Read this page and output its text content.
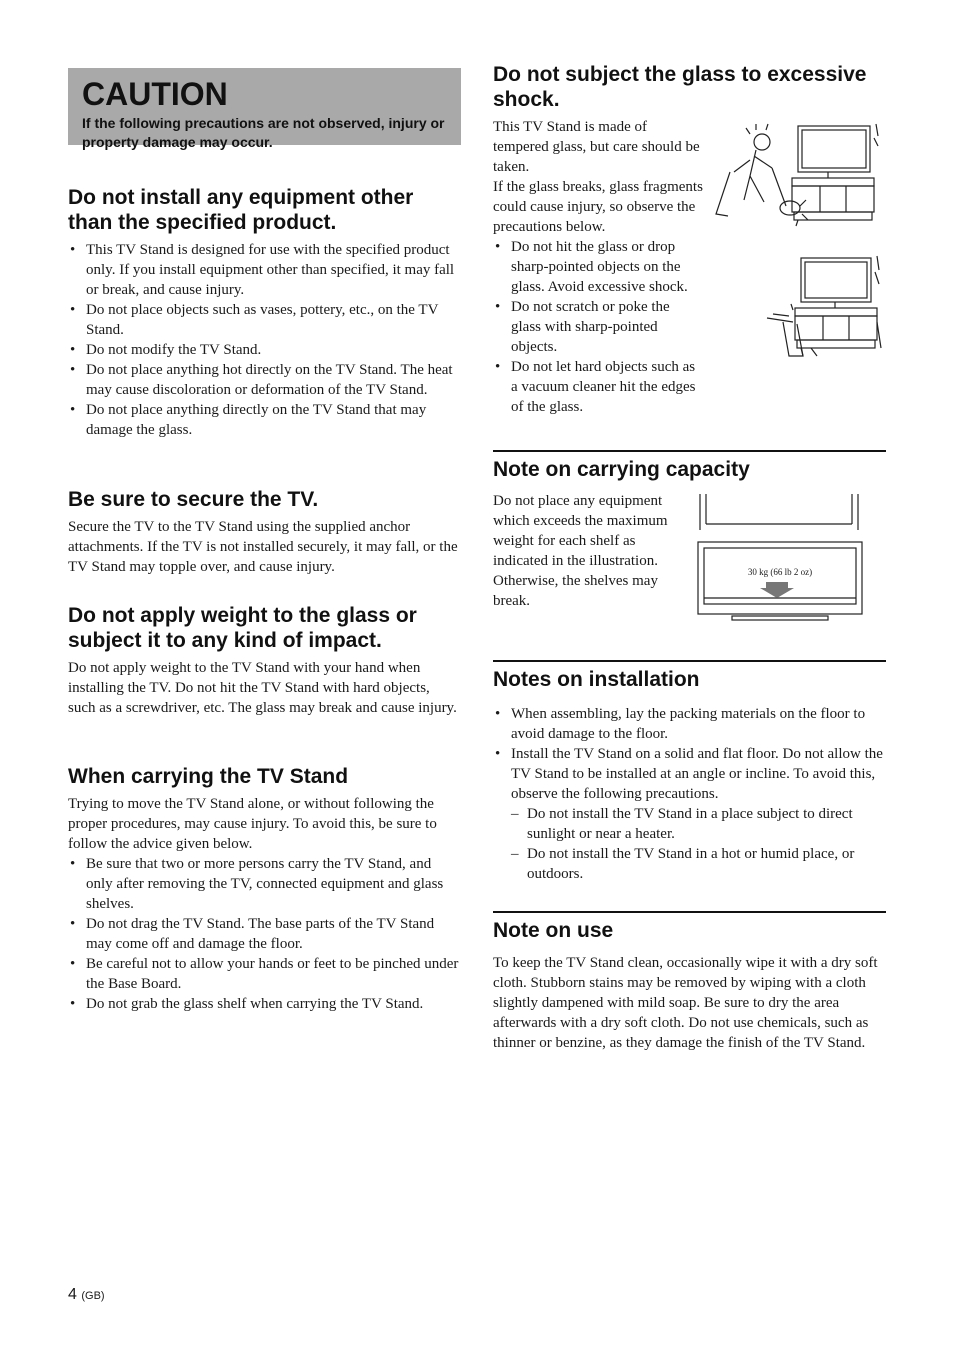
CAUTION
If the following precautions are not observed, injury or property damage may occur.
Do not install any equipment other than the specified product.
• This TV Stand is designed for use with the specified product only. If you install equipment other than specified, it may fall or break, and cause injury.
• Do not place objects such as vases, pottery, etc., on the TV Stand.
• Do not modify the TV Stand.
• Do not place anything hot directly on the TV Stand. The heat may cause discoloration or deformation of the TV Stand.
• Do not place anything directly on the TV Stand that may damage the glass.
Be sure to secure the TV.

Secure the TV to the TV Stand using the supplied anchor attachments. If the TV is not installed securely, it may fall, or the TV Stand may topple over, and cause injury.

Do not apply weight to the glass or subject it to any kind of impact.

Do not apply weight to the TV Stand with your hand when installing the TV. Do not hit the TV Stand with hard objects, such as a screwdriver, etc. The glass may break and cause injury.

When carrying the TV Stand

Trying to move the TV Stand alone, or without following the proper procedures, may cause injury. To avoid this, be sure to follow the advice given below.

• Be sure that two or more persons carry the TV Stand, and only after removing the TV, connected equipment and glass shelves.
• Do not drag the TV Stand. The base parts of the TV Stand may come off and damage the floor.
• Be careful not to allow your hands or feet to be pinched under the Base Board.
• Do not grab the glass shelf when carrying the TV Stand.
Do not subject the glass to excessive shock.

This TV Stand is made of tempered glass, but care should be taken.

If the glass breaks, glass fragments could cause injury, so observe the precautions below.

• Do not hit the glass or drop sharp-pointed objects on the glass. Avoid excessive shock.
• Do not scratch or poke the glass with sharp-pointed objects.
• Do not let hard objects such as a vacuum cleaner hit the edges of the glass.
Note on carrying capacity

Do not place any equipment which exceeds the maximum weight for each shelf as indicated in the illustration.

Otherwise, the shelves may break.

30 kg (66 lb 2 oz)
Notes on installation
• When assembling, lay the packing materials on the floor to avoid damage to the floor.
• Install the TV Stand on a solid and flat floor. Do not allow the TV Stand to be installed at an angle or incline. To avoid this, observe the following precautions.
– Do not install the TV Stand in a place subject to direct sunlight or near a heater.
– Do not install the TV Stand in a hot or humid place, or outdoors.
Note on use

To keep the TV Stand clean, occasionally wipe it with a dry soft cloth. Stubborn stains may be removed by wiping with a cloth slightly dampened with mild soap. Be sure to dry the area afterwards with a dry soft cloth. Do not use chemicals, such as thinner or benzine, as they damage the finish of the TV Stand.

4 (GB)
